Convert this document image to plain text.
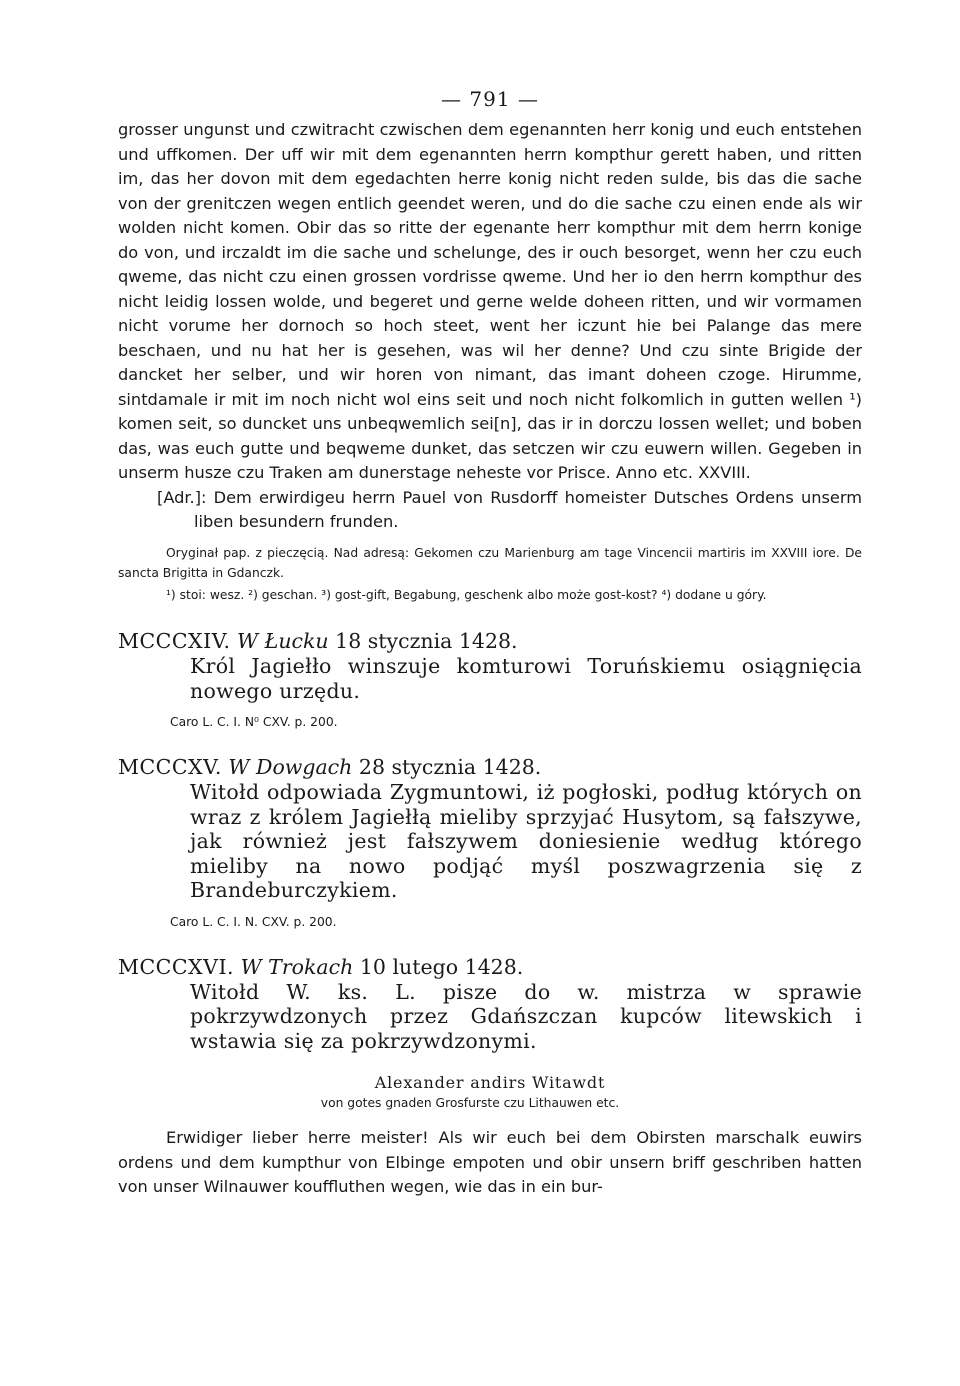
— 791 —

grosser ungunst und czwitracht czwischen dem egenannten herr konig und euch entstehen und uffkomen. Der uff wir mit dem egenannten herrn kompthur gerett haben, und ritten im, das her dovon mit dem egedachten herre konig nicht reden sulde, bis das die sache von der grenitczen wegen entlich geendet weren, und do die sache czu einen ende als wir wolden nicht komen. Obir das so ritte der egenante herr kompthur mit dem herrn konige do von, und irczaldt im die sache und schelunge, des ir ouch besorget, wenn her czu euch qweme, das nicht czu einen grossen vordrisse qweme. Und her io den herrn kompthur des nicht leidig lossen wolde, und begeret und gerne welde doheen ritten, und wir vormamen nicht vorume her dornoch so hoch steet, went her iczunt hie bei Palange das mere beschaen, und nu hat her is gesehen, was wil her denne? Und czu sinte Brigide der dancket her selber, und wir horen von nimant, das imant doheen czoge. Hirumme, sintdamale ir mit im noch nicht wol eins seit und noch nicht folkomlich in gutten wellen ¹) komen seit, so duncket uns unbeqwemlich sei[n], das ir in dorczu lossen wellet; und boben das, was euch gutte und beqweme dunket, das setczen wir czu euwern willen. Gegeben in unserm husze czu Traken am dunerstage neheste vor Prisce. Anno etc. XXVIII.

[Adr.]: Dem erwirdigeu herrn Pauel von Rusdorff homeister Dutsches Ordens unserm liben besundern frunden.

Oryginał pap. z pieczęcią. Nad adresą: Gekomen czu Marienburg am tage Vincencii martiris im XXVIII iore. De sancta Brigitta in Gdanczk.

¹) stoi: wesz. ²) geschan. ³) gost-gift, Begabung, geschenk albo może gost-kost? ⁴) dodane u góry.

MCCCXIV. W Łucku 18 stycznia 1428.
Król Jagiełło winszuje komturowi Toruńskiemu osiągnięcia nowego urzędu.
Caro L. C. I. N⁰ CXV. p. 200.
MCCCXV. W Dowgach 28 stycznia 1428.
Witołd odpowiada Zygmuntowi, iż pogłoski, podług których on wraz z królem Jagiełłą mieliby sprzyjać Husytom, są fałszywe, jak również jest fałszywem doniesienie według którego mieliby na nowo podjąć myśl poszwagrzenia się z Brandeburczykiem.
Caro L. C. I. N. CXV. p. 200.
MCCCXVI. W Trokach 10 lutego 1428.
Witołd W. ks. L. pisze do w. mistrza w sprawie pokrzywdzonych przez Gdańszczan kupców litewskich i wstawia się za pokrzywdzonymi.
Alexander andirs Witawdt
von gotes gnaden Grosfurste czu Lithauwen etc.

Erwidiger lieber herre meister! Als wir euch bei dem Obirsten marschalk euwirs ordens und dem kumpthur von Elbinge empoten und obir unsern briff geschriben hatten von unser Wilnauwer kouffluthen wegen, wie das in ein bur-
